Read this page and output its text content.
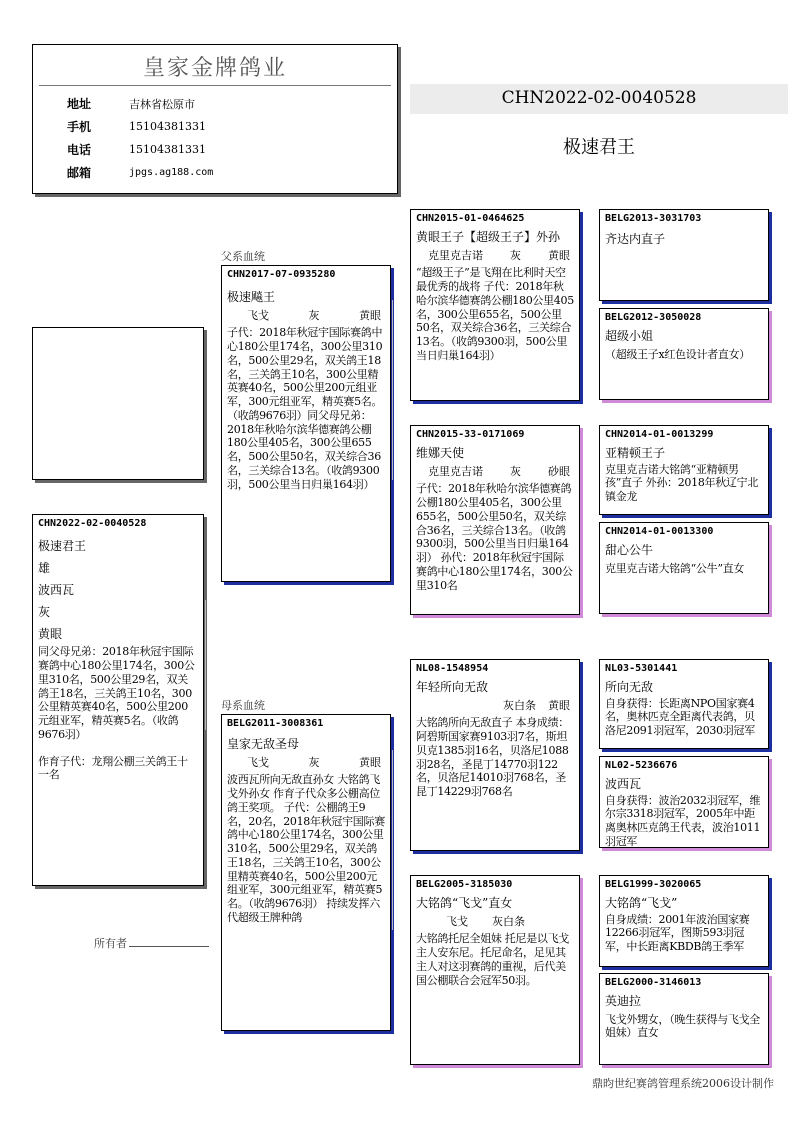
皇家金牌鸽业
地址	吉林省松原市
手机	15104381331
电话	15104381331
邮箱	jpgs.ag188.com
CHN2022-02-0040528
极速君王
CHN2022-02-0040528
极速君王
雄
波西瓦
灰
黄眼
同父母兄弟：2018年秋冠宇国际赛鸽中心180公里174名，300公里310名，500公里29名，双关鸽王18名，三关鸽王10名，300公里精英赛40名，500公里200元组亚军，精英赛5名。（收鸽9676羽）
作育子代：龙翔公棚三关鸽王十一名
父系血统
母系血统
CHN2017-07-0935280
极速飚王
飞戈	灰	黄眼
子代：2018年秋冠宇国际赛鸽中心180公里174名，300公里310名，500公里29名，双关鸽王18名，三关鸽王10名，300公里精英赛40名，500公里200元组亚军，300元组亚军，精英赛5名。（收鸽9676羽）同父母兄弟：2018年秋哈尔滨华德赛鸽公棚180公里405名，300公里655名，500公里50名，双关综合36名，三关综合13名。（收鸽9300羽，500公里当日归巢164羽）
BELG2011-3008361
皇家无敌圣母
飞戈	灰	黄眼
波西瓦所向无敌直孙女 大铭鸽飞戈外孙女 作育子代众多公棚高位鸽王奖项。 子代：公棚鸽王9名，20名，2018年秋冠宇国际赛鸽中心180公里174名，300公里310名，500公里29名，双关鸽王18名，三关鸽王10名，300公里精英赛40名，500公里200元组亚军，300元组亚军，精英赛5名。（收鸽9676羽） 持续发挥六代超级王牌种鸽
所有者
CHN2015-01-0464625
黄眼王子【超级王子】外孙
克里克吉诺 灰 黄眼
“超级王子”是飞翔在比利时天空最优秀的战将 子代：2018年秋哈尔滨华德赛鸽公棚180公里405名，300公里655名，500公里50名，双关综合36名，三关综合13名。（收鸽9300羽，500公里当日归巢164羽）
CHN2015-33-0171069
维娜天使
克里克吉诺 灰 砂眼
子代：2018年秋哈尔滨华德赛鸽公棚180公里405名，300公里655名，500公里50名，双关综合36名，三关综合13名。（收鸽9300羽，500公里当日归巢164羽） 孙代：2018年秋冠宇国际赛鸽中心180公里174名，300公里310名
NL08-1548954
年轻所向无敌
灰白条 黄眼
大铭鸽所向无敌直子 本身成绩：阿碧斯国家赛9103羽7名，斯坦贝克1385羽16名，贝洛尼1088羽28名，圣昆丁14770羽122名，贝洛尼14010羽768名，圣昆丁14229羽768名
BELG2005-3185030
大铭鸽“飞戈”直女
飞戈 灰白条
大铭鸽托尼全姐妹 托尼是以飞戈主人安东尼。托尼命名，足见其主人对这羽赛鸽的重视，后代美国公棚联合会冠军50羽。
BELG2013-3031703
齐达内直子
BELG2012-3050028
超级小姐
（超级王子x红色设计者直女）
CHN2014-01-0013299
亚精顿王子
克里克吉诺大铭鸽“亚精顿男孩”直子 外孙：2018年秋辽宁北镇金龙
CHN2014-01-0013300
甜心公牛
克里克吉诺大铭鸽“公牛”直女
NL03-5301441
所向无敌
自身获得：长距离NPO国家赛4名，奥林匹克全距离代表鸽，贝洛尼2091羽冠军，2030羽冠军
NL02-5236676
波西瓦
自身获得：波治2032羽冠军，维尔宗3318羽冠军，2005年中距离奥林匹克鸽王代表，波治1011羽冠军
BELG1999-3020065
大铭鸽“飞戈”
自身成绩：2001年波治国家赛12266羽冠军，图斯593羽冠军，中长距离KBDB鸽王季军
BELG2000-3146013
英迪拉
飞戈外甥女，（晚生获得与飞戈全姐妹）直女
鼎昀世纪赛鸽管理系统2006设计制作
